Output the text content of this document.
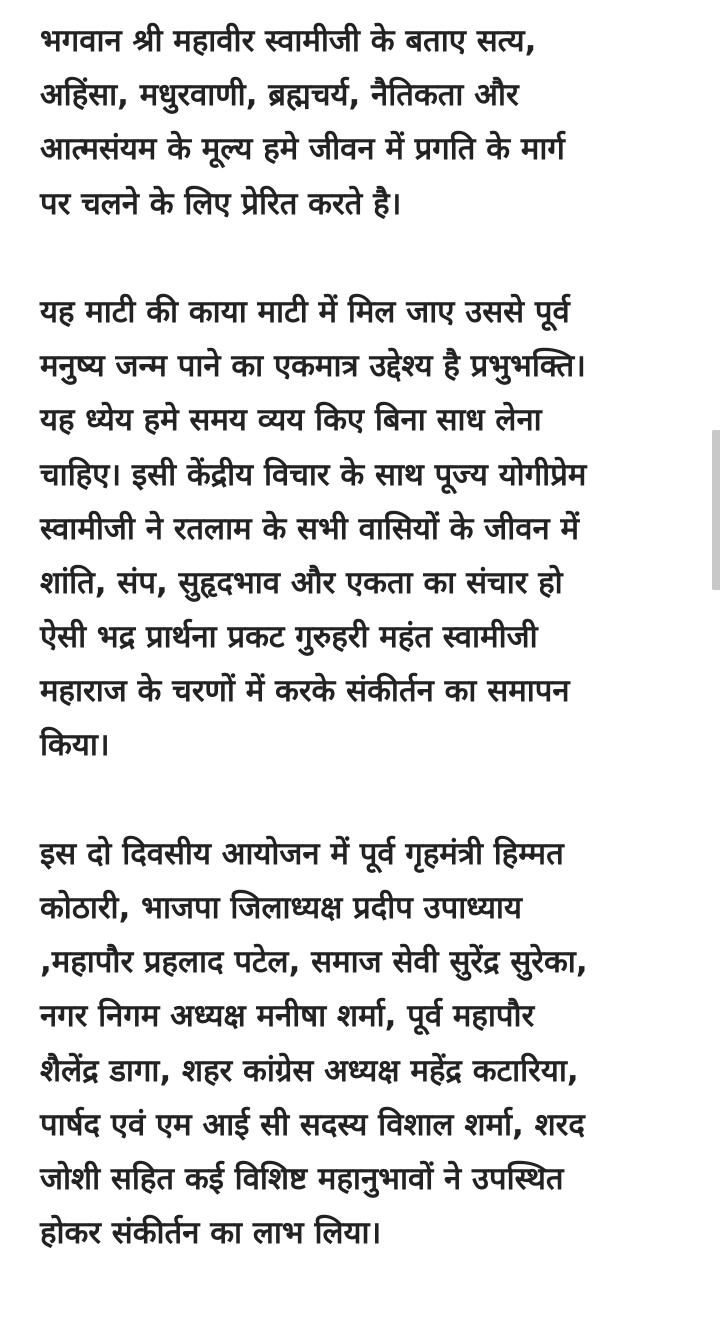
भगवान श्री महावीर स्वामीजी के बताए सत्य,
अहिंसा, मधुरवाणी, ब्रह्मचर्य, नैतिकता और
आत्मसंयम के मूल्य हमे जीवन में प्रगति के मार्ग
पर चलने के लिए प्रेरित करते है।
यह माटी की काया माटी में मिल जाए उससे पूर्व
मनुष्य जन्म पाने का एकमात्र उद्देश्य है प्रभुभक्ति।
यह ध्येय हमे समय व्यय किए बिना साध लेना
चाहिए। इसी केंद्रीय विचार के साथ पूज्य योगीप्रेम
स्वामीजी ने रतलाम के सभी वासियों के जीवन में
शांति, संप, सुहृदभाव और एकता का संचार हो
ऐसी भद्र प्रार्थना प्रकट गुरुहरी महंत स्वामीजी
महाराज के चरणों में करके संकीर्तन का समापन
किया।
इस दो दिवसीय आयोजन में पूर्व गृहमंत्री हिम्मत
कोठारी, भाजपा जिलाध्यक्ष प्रदीप उपाध्याय
,महापौर प्रहलाद पटेल, समाज सेवी सुरेंद्र सुरेका,
नगर निगम अध्यक्ष मनीषा शर्मा, पूर्व महापौर
शैलेंद्र डागा, शहर कांग्रेस अध्यक्ष महेंद्र कटारिया,
पार्षद एवं एम आई सी सदस्य विशाल शर्मा, शरद
जोशी सहित कई विशिष्ट महानुभावों ने उपस्थित
होकर संकीर्तन का लाभ लिया।
